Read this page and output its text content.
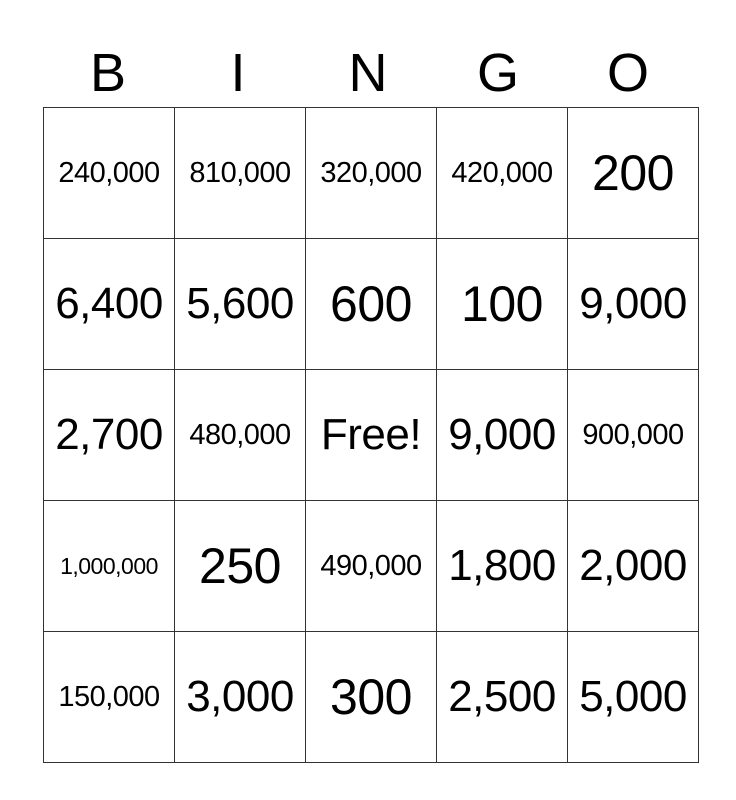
B	I	N	G	O
240,000	810,000	320,000	420,000	200
6,400	5,600	600	100	9,000
2,700	480,000	Free!	9,000	900,000
1,000,000	250	490,000	1,800	2,000
150,000	3,000	300	2,500	5,000
